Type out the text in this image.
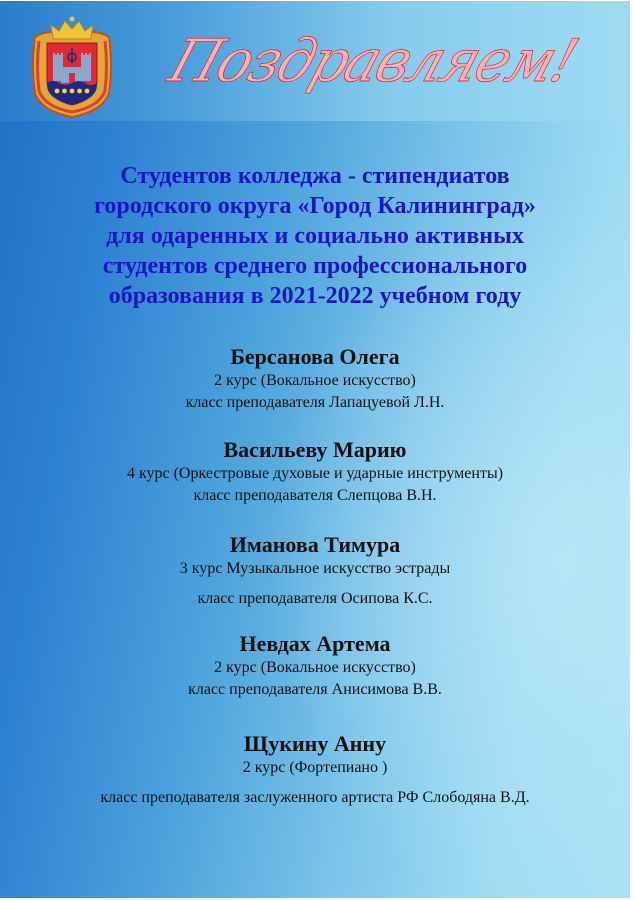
Поздравляем!
Студентов колледжа - стипендиатов
городского округа «Город Калининград»
для одаренных и социально активных
студентов среднего профессионального
образования в 2021-2022 учебном году
Берсанова Олега
2 курс (Вокальное искусство)
класс преподавателя Лапацуевой Л.Н.
Васильеву Марию
4 курс (Оркестровые духовые и ударные инструменты)
класс преподавателя Слепцова В.Н.
Иманова Тимура
3 курс Музыкальное искусство эстрады
класс преподавателя Осипова К.С.
Невдах Артема
2 курс (Вокальное искусство)
класс преподавателя Анисимова В.В.
Щукину Анну
2 курс (Фортепиано )
класс преподавателя заслуженного артиста РФ Слободяна В.Д.
